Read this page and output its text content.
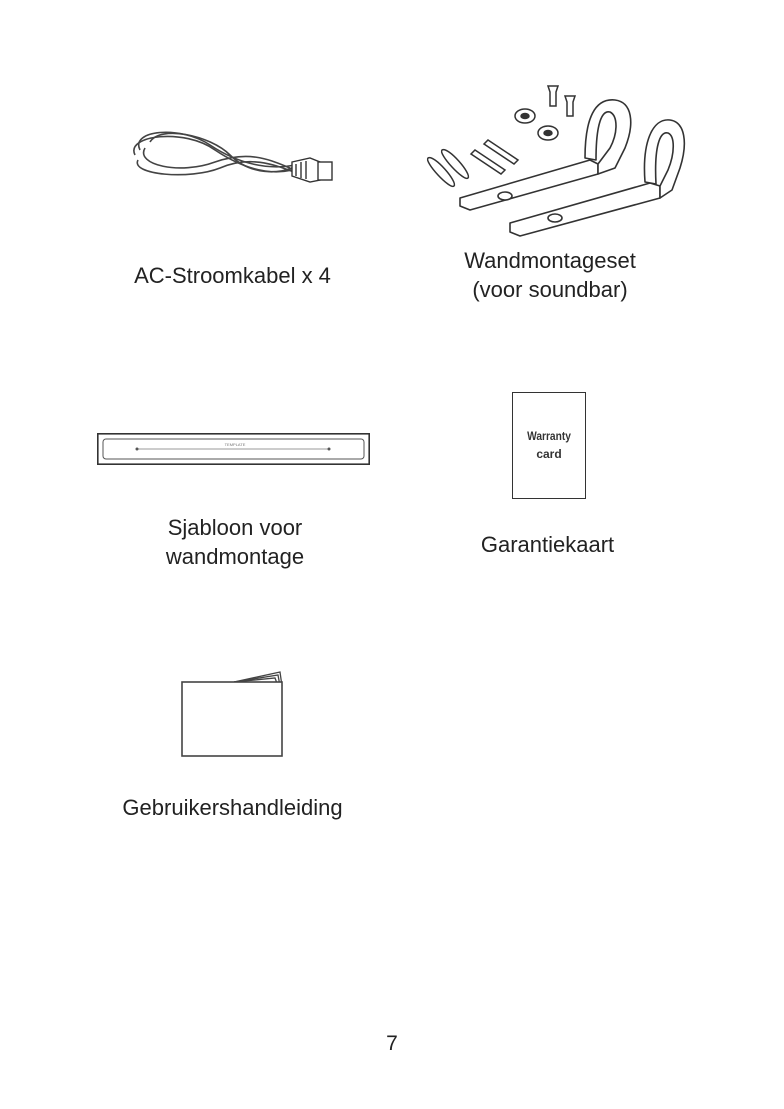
AC-Stroomkabel x 4
Wandmontageset
(voor soundbar)
TEMPLATE
Sjabloon voor
wandmontage
Warranty
card
Garantiekaart
Gebruikershandleiding
7
